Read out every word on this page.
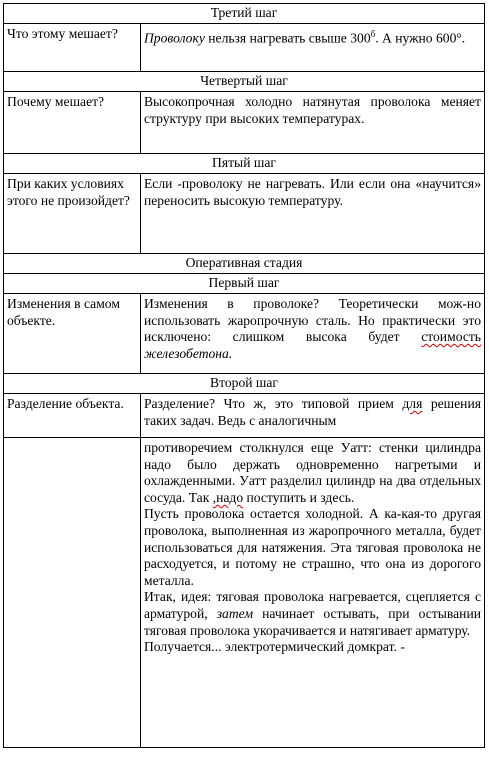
Третий шаг	
Что этому мешает?	Проволоку нельзя нагревать свыше $300^б$. А нужно 600°.
Четвертый шаг	
Почему мешает?	Высокопрочная холодно натянутая проволока меняет структуру при высоких температурах.
Пятый шаг	
При каких условиях этого не произойдет?	Если -проволоку не нагревать. Или если она «научится» переносить высокую температуру.
Оперативная стадия	
Первый шаг	
Изменения в самом объекте.	Изменения в проволоке? Теоретически мож-но использовать жаропрочную сталь. Но практически это исключено: слишком высока будет стоимость железобетона.
Второй шаг	
Разделение объекта.	Разделение? Что ж, это типовой прием для решения таких задач. Ведь с аналогичным
	противоречием столкнулся еще Уатт: стенки цилиндра надо было держать одновременно нагретыми и охлажденными. Уатт разделил цилиндр на два отдельных сосуда. Так ,надо поступить и здесь.
Пусть проволока остается холодной. А ка-кая-то другая проволока, выполненная из жаропрочного металла, будет использоваться для натяжения. Эта тяговая проволока не расходуется, и потому не страшно, что она из дорогого металла.
Итак, идея: тяговая проволока нагревается, сцепляется с арматурой, затем начинает остывать, при остывании тяговая проволока укорачивается и натягивает арматуру.
Получается... электротермический домкрат. -
